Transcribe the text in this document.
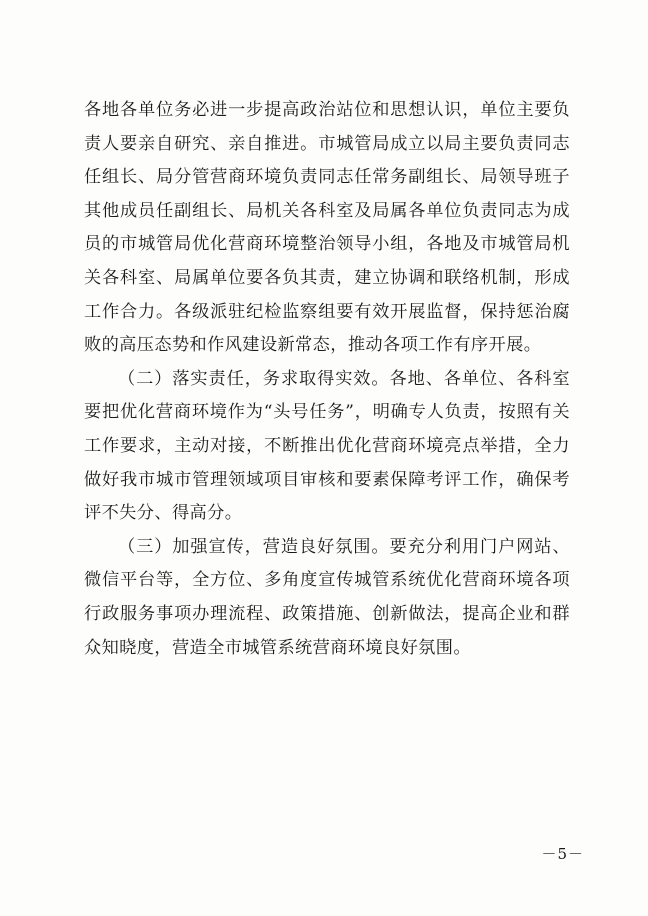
各地各单位务必进一步提高政治站位和思想认识，单位主要负责人要亲自研究、亲自推进。市城管局成立以局主要负责同志任组长、局分管营商环境负责同志任常务副组长、局领导班子其他成员任副组长、局机关各科室及局属各单位负责同志为成员的市城管局优化营商环境整治领导小组，各地及市城管局机关各科室、局属单位要各负其责，建立协调和联络机制，形成工作合力。各级派驻纪检监察组要有效开展监督，保持惩治腐败的高压态势和作风建设新常态，推动各项工作有序开展。

（二）落实责任，务求取得实效。各地、各单位、各科室要把优化营商环境作为“头号任务”，明确专人负责，按照有关工作要求，主动对接，不断推出优化营商环境亮点举措，全力做好我市城市管理领域项目审核和要素保障考评工作，确保考评不失分、得高分。

（三）加强宣传，营造良好氛围。要充分利用门户网站、微信平台等，全方位、多角度宣传城管系统优化营商环境各项行政服务事项办理流程、政策措施、创新做法，提高企业和群众知晓度，营造全市城管系统营商环境良好氛围。

－5－
